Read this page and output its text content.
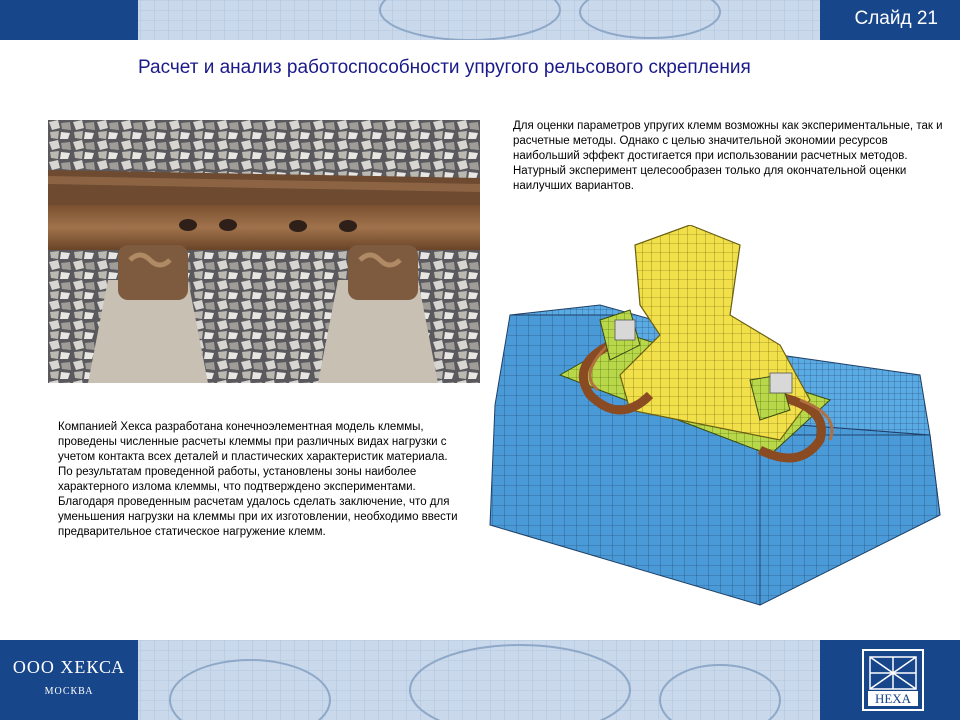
Слайд 21
Расчет и анализ работоспособности упругого рельсового скрепления

Для оценки параметров упругих клемм возможны как экспериментальные, так и расчетные методы. Однако с целью значительной экономии ресурсов наибольший эффект достигается при использовании расчетных методов.

Натурный эксперимент целесообразен только для окончательной оценки наилучших вариантов.

Компанией Хекса разработана конечноэлементная модель клеммы, проведены численные расчеты клеммы при различных видах нагрузки с учетом контакта всех деталей и пластических характеристик материала.

По результатам проведенной работы, установлены зоны наиболее характерного излома клеммы, что подтверждено экспериментами. Благодаря проведенным расчетам удалось сделать заключение, что для уменьшения нагрузки на клеммы при их изготовлении, необходимо ввести предварительное статическое нагружение клемм.

ООО ХЕКСА
МОСКВА	HEXA
